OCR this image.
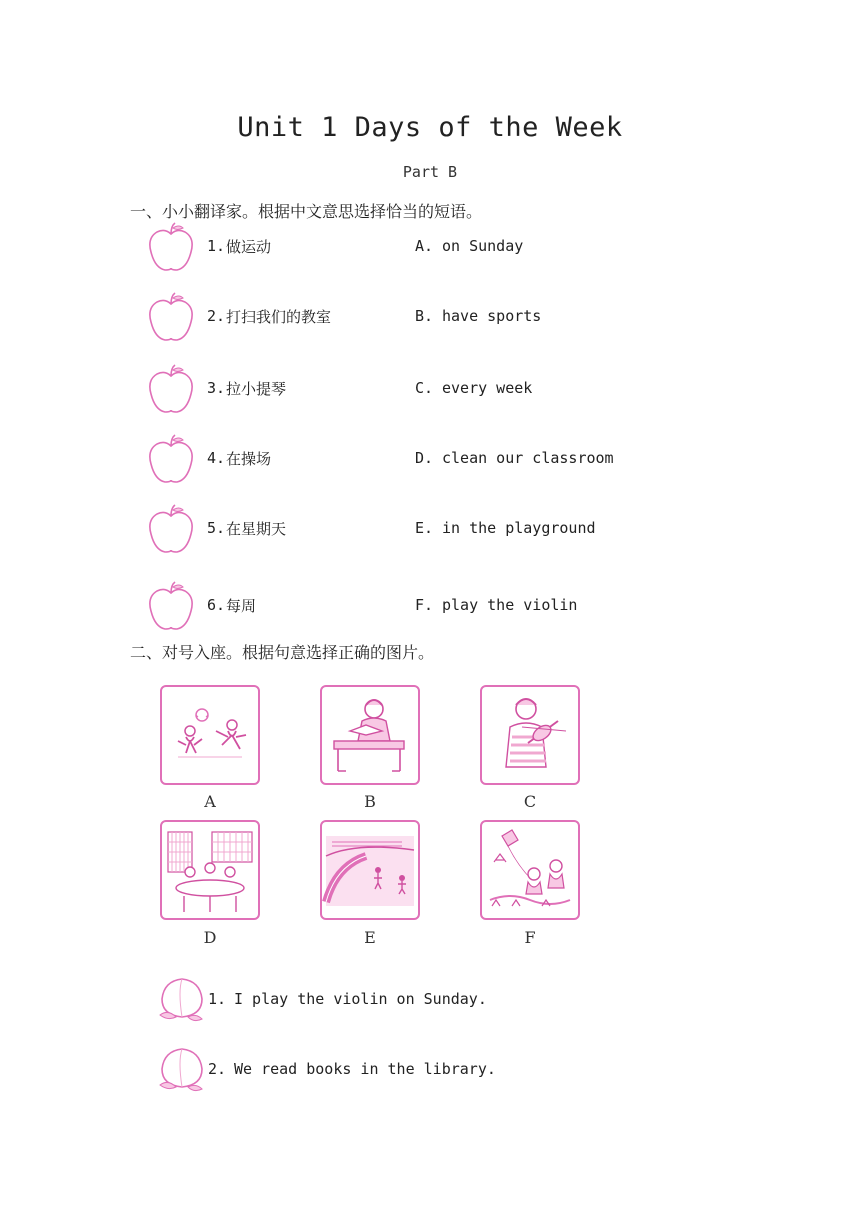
Unit 1 Days of the Week
Part B
一、小小翻译家。根据中文意思选择恰当的短语。
1. 做运动	A. on Sunday
2. 打扫我们的教室	B. have sports
3. 拉小提琴	C. every week
4. 在操场	D. clean our classroom
5. 在星期天	E. in the playground
6. 每周	F. play the violin
二、对号入座。根据句意选择正确的图片。
A	B	C
D	E	F
1. I play the violin on Sunday.
2. We read books in the library.
